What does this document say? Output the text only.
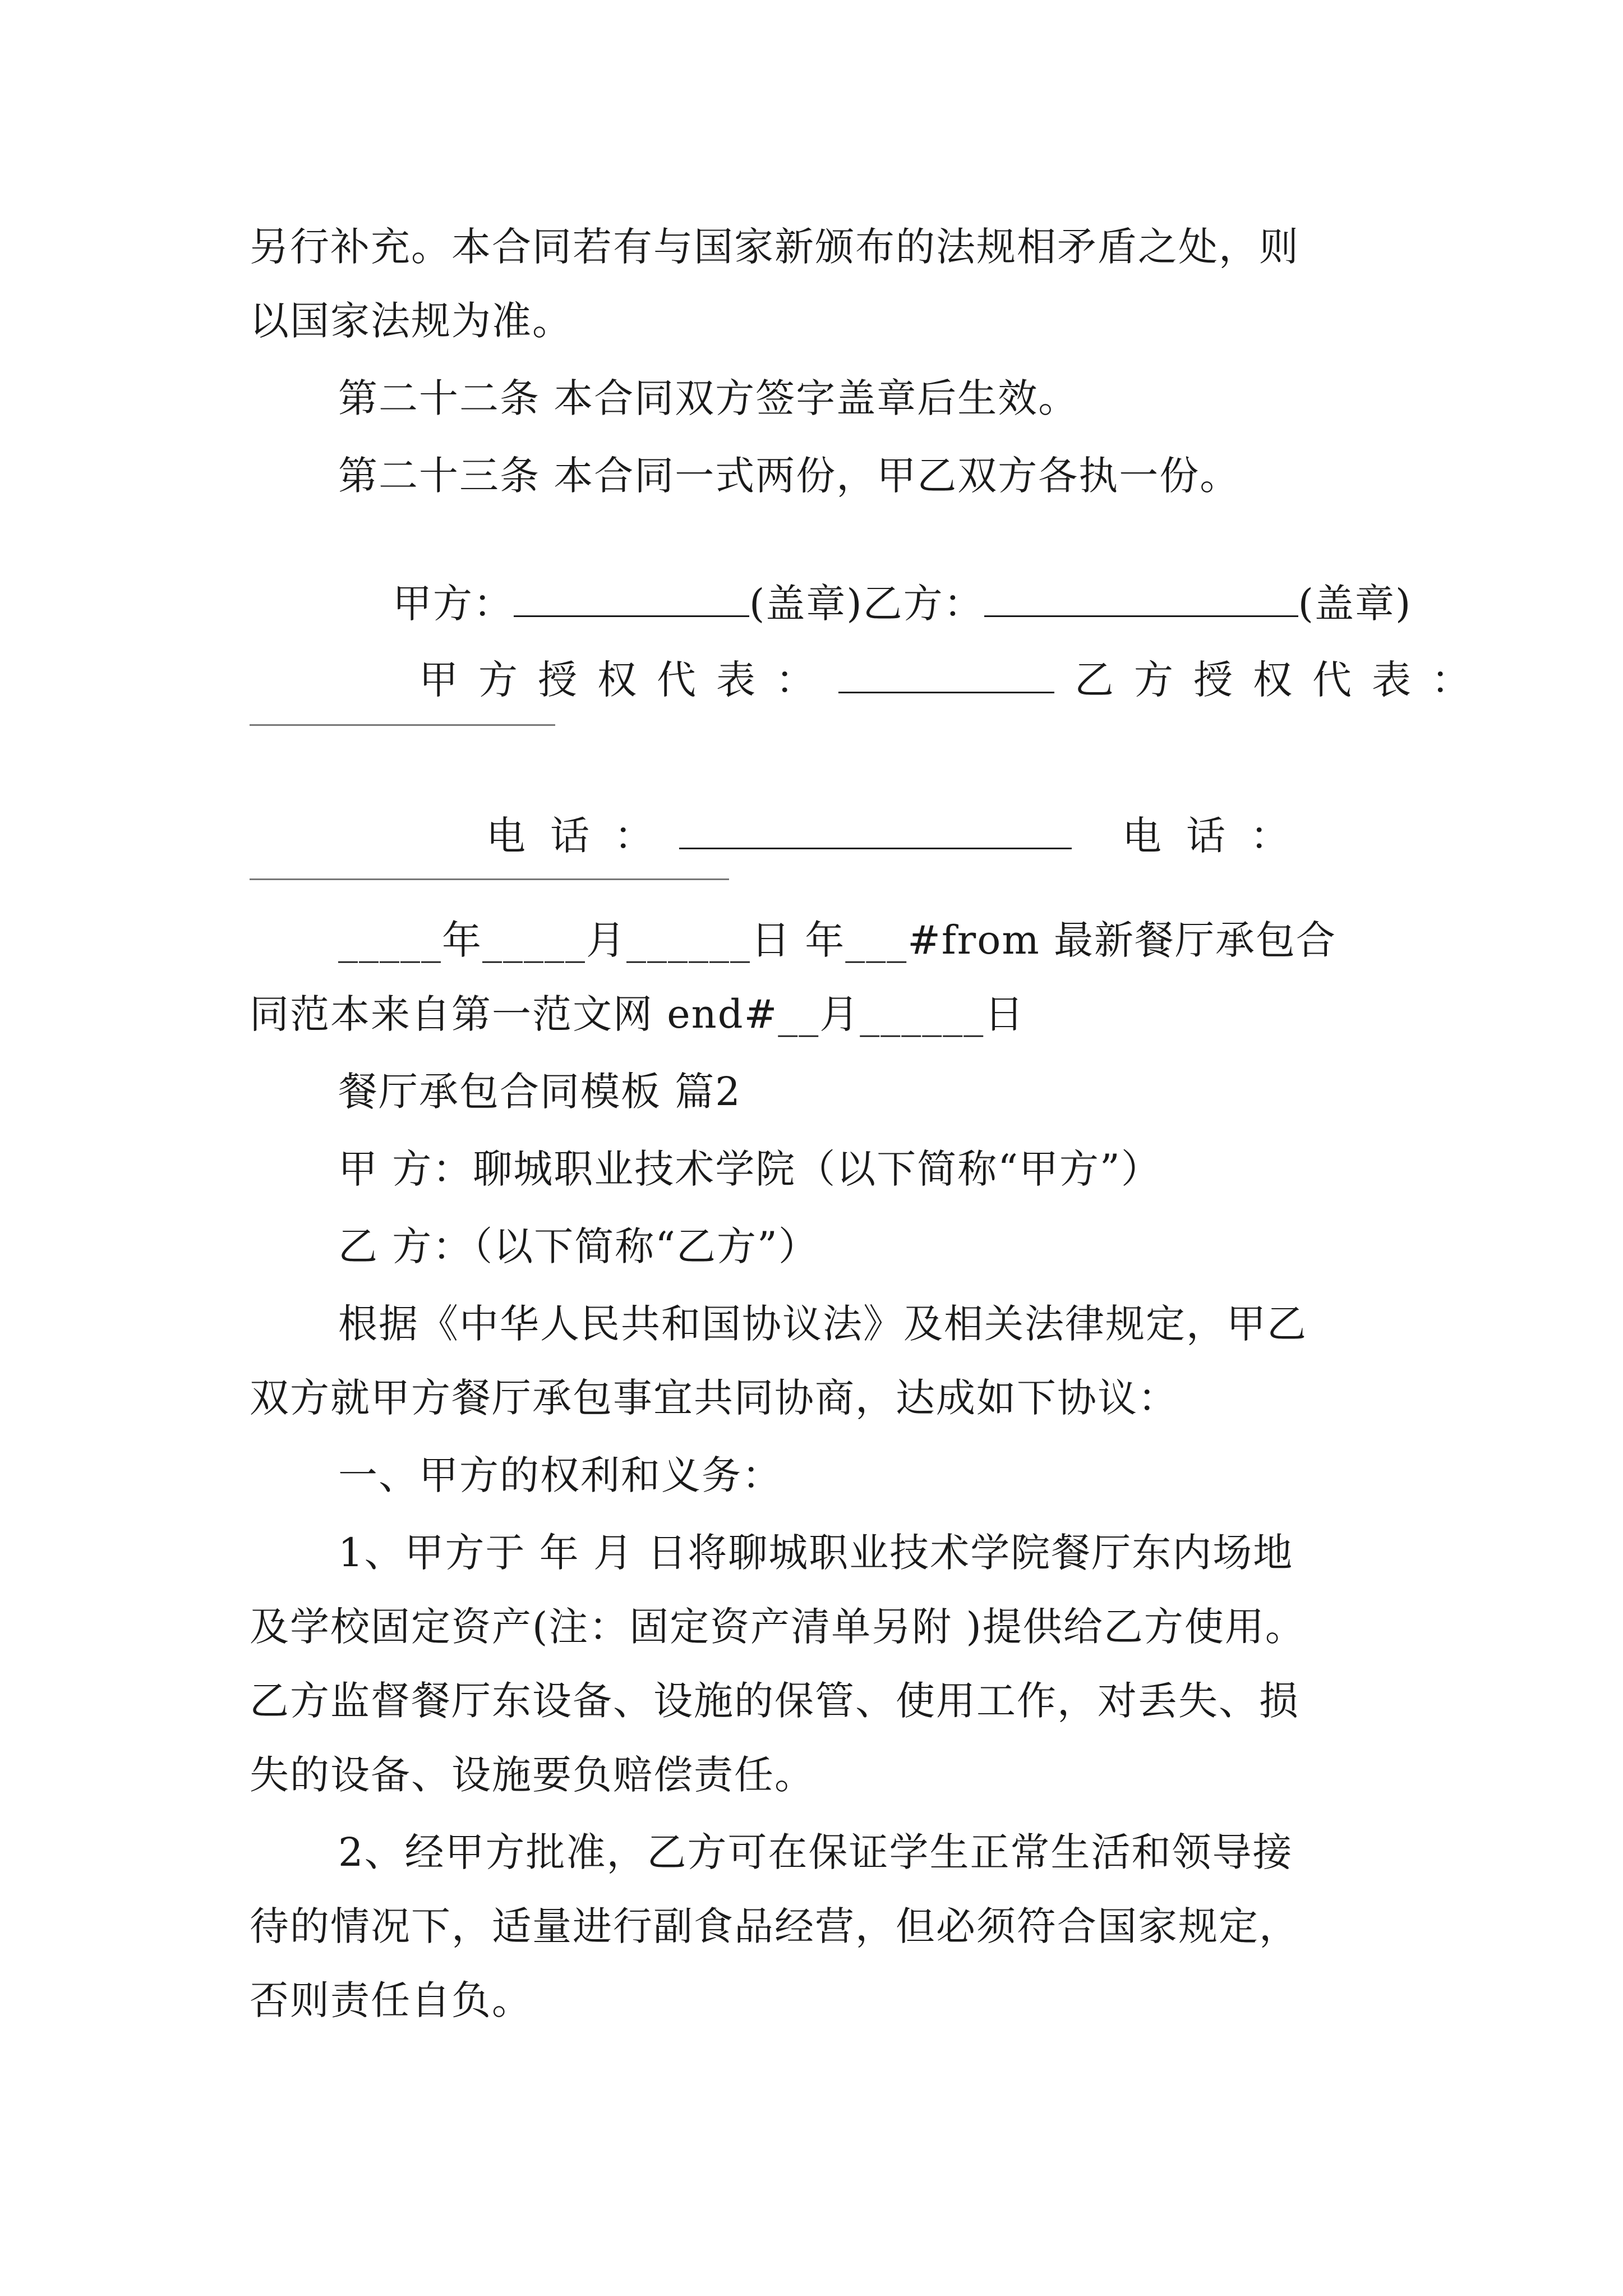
另行补充。本合同若有与国家新颁布的法规相矛盾之处，则
以国家法规为准。
第二十二条 本合同双方签字盖章后生效。
第二十三条 本合同一式两份，甲乙双方各执一份。

甲方：	(盖章)乙方：	(盖章)

甲方授权代表：	乙方授权代表：

电话：	电话：

_____年_____月______日 年___#from 最新餐厅承包合
同范本来自第一范文网 end#__月______日
餐厅承包合同模板 篇2
甲 方：聊城职业技术学院（以下简称“甲方”）
乙 方：（以下简称“乙方”）
根据《中华人民共和国协议法》及相关法律规定，甲乙
双方就甲方餐厅承包事宜共同协商，达成如下协议：
一、甲方的权利和义务：
1、甲方于 年 月 日将聊城职业技术学院餐厅东内场地
及学校固定资产(注：固定资产清单另附 )提供给乙方使用。
乙方监督餐厅东设备、设施的保管、使用工作，对丢失、损
失的设备、设施要负赔偿责任。
2、经甲方批准，乙方可在保证学生正常生活和领导接
待的情况下，适量进行副食品经营，但必须符合国家规定，
否则责任自负。
